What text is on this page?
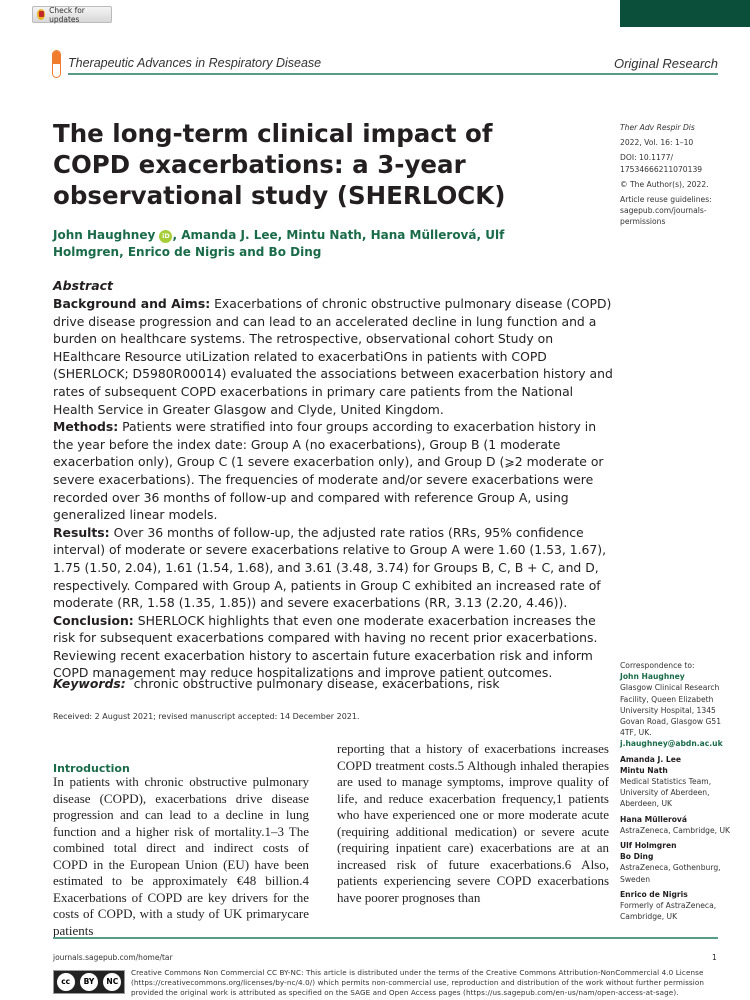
Check for updates
Therapeutic Advances in Respiratory Disease	Original Research
The long-term clinical impact of COPD exacerbations: a 3-year observational study (SHERLOCK)
John Haughney iD , Amanda J. Lee, Mintu Nath, Hana Müllerová, Ulf Holmgren, Enrico de Nigris and Bo Ding
Abstract

Background and Aims: Exacerbations of chronic obstructive pulmonary disease (COPD) drive disease progression and can lead to an accelerated decline in lung function and a burden on healthcare systems. The retrospective, observational cohort Study on HEalthcare Resource utiLization related to exacerbatiOns in patients with COPD (SHERLOCK; D5980R00014) evaluated the associations between exacerbation history and rates of subsequent COPD exacerbations in primary care patients from the National Health Service in Greater Glasgow and Clyde, United Kingdom.

Methods: Patients were stratified into four groups according to exacerbation history in the year before the index date: Group A (no exacerbations), Group B (1 moderate exacerbation only), Group C (1 severe exacerbation only), and Group D (⩾2 moderate or severe exacerbations). The frequencies of moderate and/or severe exacerbations were recorded over 36 months of follow-up and compared with reference Group A, using generalized linear models.

Results: Over 36 months of follow-up, the adjusted rate ratios (RRs, 95% confidence interval) of moderate or severe exacerbations relative to Group A were 1.60 (1.53, 1.67), 1.75 (1.50, 2.04), 1.61 (1.54, 1.68), and 3.61 (3.48, 3.74) for Groups B, C, B + C, and D, respectively. Compared with Group A, patients in Group C exhibited an increased rate of moderate (RR, 1.58 (1.35, 1.85)) and severe exacerbations (RR, 3.13 (2.20, 4.46)).

Conclusion: SHERLOCK highlights that even one moderate exacerbation increases the risk for subsequent exacerbations compared with having no recent prior exacerbations. Reviewing recent exacerbation history to ascertain future exacerbation risk and inform COPD management may reduce hospitalizations and improve patient outcomes.

Keywords: chronic obstructive pulmonary disease, exacerbations, risk
Received: 2 August 2021; revised manuscript accepted: 14 December 2021.
Introduction
In patients with chronic obstructive pulmonary disease (COPD), exacerbations drive disease progression and can lead to a decline in lung function and a higher risk of mortality.1–3 The combined total direct and indirect costs of COPD in the European Union (EU) have been estimated to be approximately €48 billion.4 Exacerbations of COPD are key drivers for the costs of COPD, with a study of UK primarycare patients
reporting that a history of exacerbations increases COPD treatment costs.5 Although inhaled therapies are used to manage symptoms, improve quality of life, and reduce exacerbation frequency,1 patients who have experienced one or more moderate acute (requiring additional medication) or severe acute (requiring inpatient care) exacerbations are at an increased risk of future exacerbations.6 Also, patients experiencing severe COPD exacerbations have poorer prognoses than

Ther Adv Respir Dis

2022, Vol. 16: 1–10

DOI: 10.1177/ 17534666211070139

© The Author(s), 2022.

Article reuse guidelines: sagepub.com/journals-permissions

Correspondence to:
John Haughney
Glasgow Clinical Research Facility, Queen Elizabeth University Hospital, 1345 Govan Road, Glasgow G51 4TF, UK.
j.haughney@abdn.ac.uk

Amanda J. Lee
Mintu Nath
Medical Statistics Team, University of Aberdeen, Aberdeen, UK

Hana Müllerová
AstraZeneca, Cambridge, UK

Ulf Holmgren
Bo Ding
AstraZeneca, Gothenburg, Sweden

Enrico de Nigris
Formerly of AstraZeneca, Cambridge, UK

journals.sagepub.com/home/tar	1
cc	BY	NC
Creative Commons Non Commercial CC BY-NC: This article is distributed under the terms of the Creative Commons Attribution-NonCommercial 4.0 License (https://creativecommons.org/licenses/by-nc/4.0/) which permits non-commercial use, reproduction and distribution of the work without further permission provided the original work is attributed as specified on the SAGE and Open Access pages (https://us.sagepub.com/en-us/nam/open-access-at-sage).
